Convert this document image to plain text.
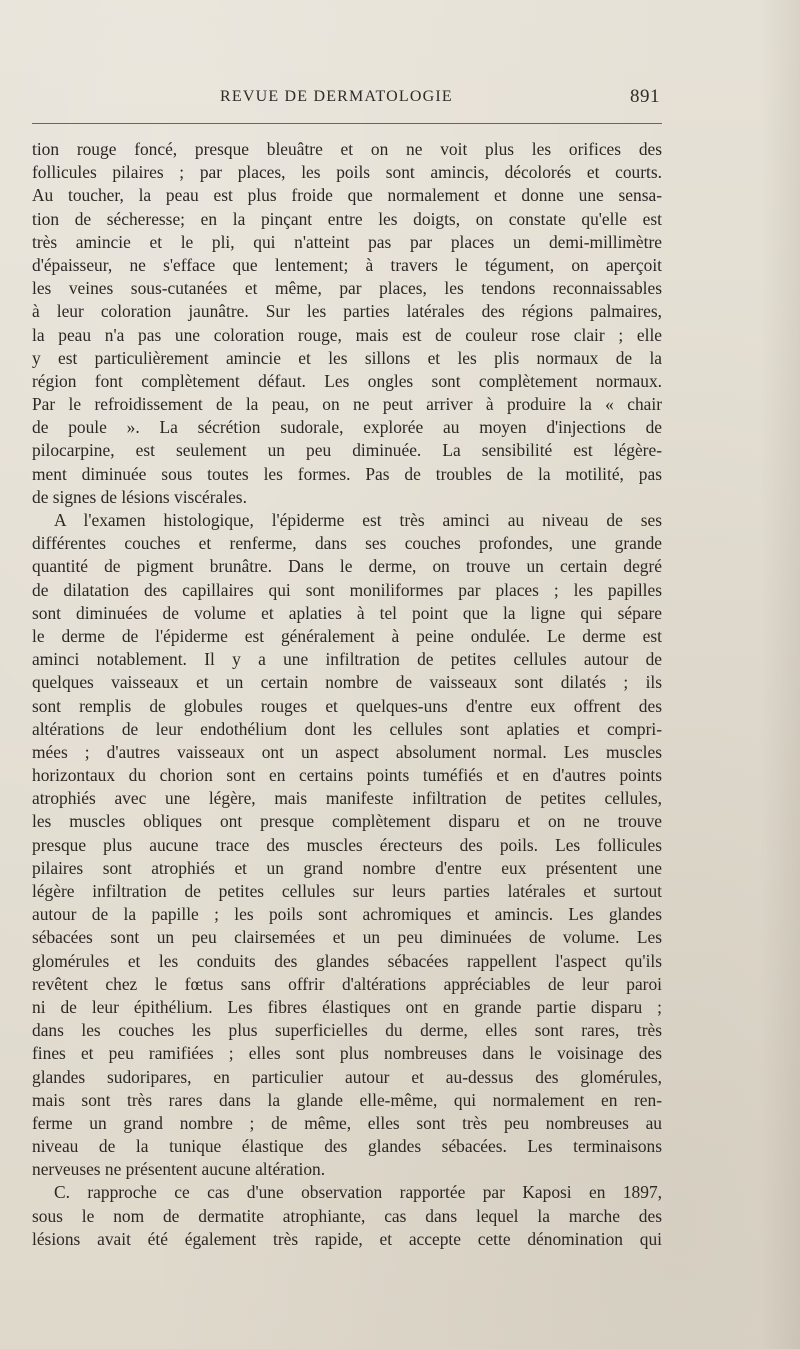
REVUE DE DERMATOLOGIE	891
tion rouge foncé, presque bleuâtre et on ne voit plus les orifices des
follicules pilaires ; par places, les poils sont amincis, décolorés et courts.
Au toucher, la peau est plus froide que normalement et donne une sensa-
tion de sécheresse; en la pinçant entre les doigts, on constate qu'elle est
très amincie et le pli, qui n'atteint pas par places un demi-millimètre
d'épaisseur, ne s'efface que lentement; à travers le tégument, on aperçoit
les veines sous-cutanées et même, par places, les tendons reconnaissables
à leur coloration jaunâtre. Sur les parties latérales des régions palmaires,
la peau n'a pas une coloration rouge, mais est de couleur rose clair ; elle
y est particulièrement amincie et les sillons et les plis normaux de la
région font complètement défaut. Les ongles sont complètement normaux.
Par le refroidissement de la peau, on ne peut arriver à produire la « chair
de poule ». La sécrétion sudorale, explorée au moyen d'injections de
pilocarpine, est seulement un peu diminuée. La sensibilité est légère-
ment diminuée sous toutes les formes. Pas de troubles de la motilité, pas
de signes de lésions viscérales.
A l'examen histologique, l'épiderme est très aminci au niveau de ses
différentes couches et renferme, dans ses couches profondes, une grande
quantité de pigment brunâtre. Dans le derme, on trouve un certain degré
de dilatation des capillaires qui sont moniliformes par places ; les papilles
sont diminuées de volume et aplaties à tel point que la ligne qui sépare
le derme de l'épiderme est généralement à peine ondulée. Le derme est
aminci notablement. Il y a une infiltration de petites cellules autour de
quelques vaisseaux et un certain nombre de vaisseaux sont dilatés ; ils
sont remplis de globules rouges et quelques-uns d'entre eux offrent des
altérations de leur endothélium dont les cellules sont aplaties et compri-
mées ; d'autres vaisseaux ont un aspect absolument normal. Les muscles
horizontaux du chorion sont en certains points tuméfiés et en d'autres points
atrophiés avec une légère, mais manifeste infiltration de petites cellules,
les muscles obliques ont presque complètement disparu et on ne trouve
presque plus aucune trace des muscles érecteurs des poils. Les follicules
pilaires sont atrophiés et un grand nombre d'entre eux présentent une
légère infiltration de petites cellules sur leurs parties latérales et surtout
autour de la papille ; les poils sont achromiques et amincis. Les glandes
sébacées sont un peu clairsemées et un peu diminuées de volume. Les
glomérules et les conduits des glandes sébacées rappellent l'aspect qu'ils
revêtent chez le fœtus sans offrir d'altérations appréciables de leur paroi
ni de leur épithélium. Les fibres élastiques ont en grande partie disparu ;
dans les couches les plus superficielles du derme, elles sont rares, très
fines et peu ramifiées ; elles sont plus nombreuses dans le voisinage des
glandes sudoripares, en particulier autour et au-dessus des glomérules,
mais sont très rares dans la glande elle-même, qui normalement en ren-
ferme un grand nombre ; de même, elles sont très peu nombreuses au
niveau de la tunique élastique des glandes sébacées. Les terminaisons
nerveuses ne présentent aucune altération.
C. rapproche ce cas d'une observation rapportée par Kaposi en 1897,
sous le nom de dermatite atrophiante, cas dans lequel la marche des
lésions avait été également très rapide, et accepte cette dénomination qui
